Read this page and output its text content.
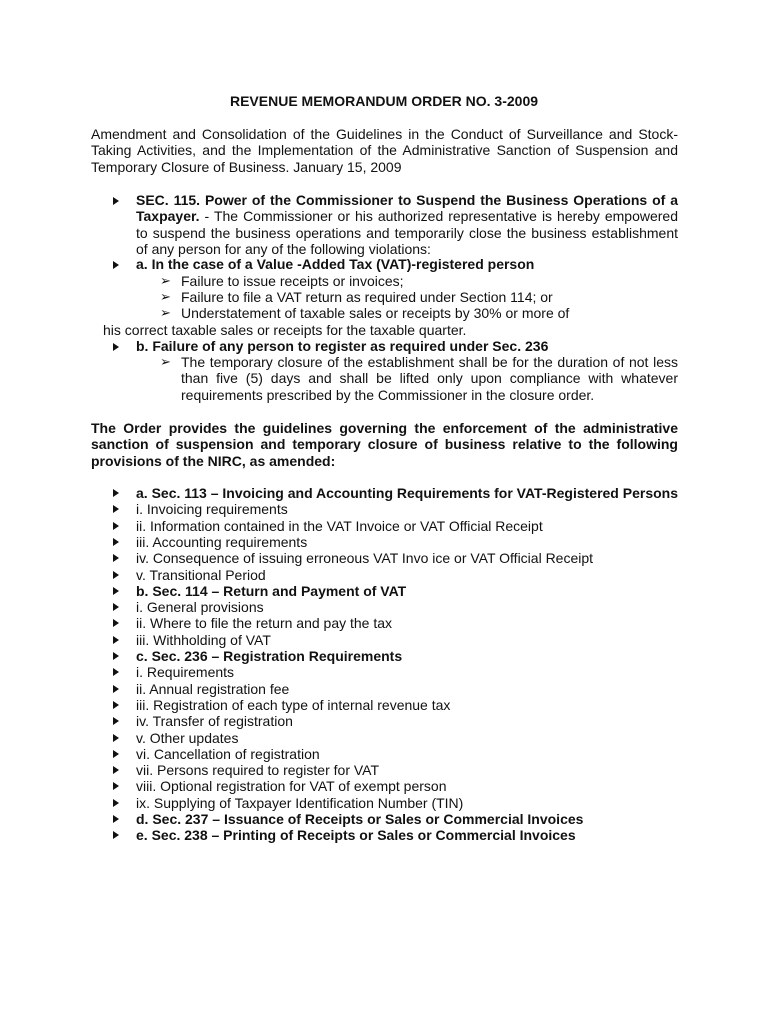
REVENUE MEMORANDUM ORDER NO. 3-2009
Amendment and Consolidation of the Guidelines in the Conduct of Surveillance and Stock-Taking Activities, and the Implementation of the Administrative Sanction of Suspension and Temporary Closure of Business. January 15, 2009
SEC. 115. Power of the Commissioner to Suspend the Business Operations of a Taxpayer. - The Commissioner or his authorized representative is hereby empowered to suspend the business operations and temporarily close the business establishment of any person for any of the following violations:
a. In the case of a Value -Added Tax (VAT)-registered person
➢ Failure to issue receipts or invoices;
➢ Failure to file a VAT return as required under Section 114; or
➢ Understatement of taxable sales or receipts by 30% or more of
his correct taxable sales or receipts for the taxable quarter.
b. Failure of any person to register as required under Sec. 236
➢ The temporary closure of the establishment shall be for the duration of not less than five (5) days and shall be lifted only upon compliance with whatever requirements prescribed by the Commissioner in the closure order.
The Order provides the guidelines governing the enforcement of the administrative sanction of suspension and temporary closure of business relative to the following provisions of the NIRC, as amended:
a. Sec. 113 – Invoicing and Accounting Requirements for VAT-Registered Persons
i. Invoicing requirements
ii. Information contained in the VAT Invoice or VAT Official Receipt
iii. Accounting requirements
iv. Consequence of issuing erroneous VAT Invo ice or VAT Official Receipt
v. Transitional Period
b. Sec. 114 – Return and Payment of VAT
i. General provisions
ii. Where to file the return and pay the tax
iii. Withholding of VAT
c. Sec. 236 – Registration Requirements
i. Requirements
ii. Annual registration fee
iii. Registration of each type of internal revenue tax
iv. Transfer of registration
v. Other updates
vi. Cancellation of registration
vii. Persons required to register for VAT
viii. Optional registration for VAT of exempt person
ix. Supplying of Taxpayer Identification Number (TIN)
d. Sec. 237 – Issuance of Receipts or Sales or Commercial Invoices
e. Sec. 238 – Printing of Receipts or Sales or Commercial Invoices
